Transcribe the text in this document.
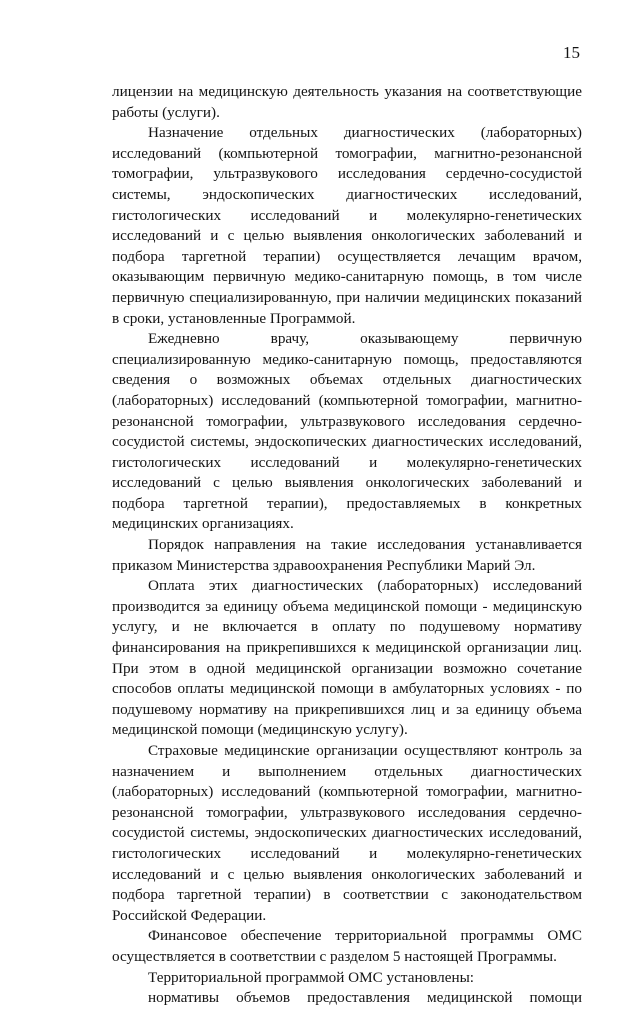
15

лицензии на медицинскую деятельность указания на соответствующие работы (услуги).

Назначение отдельных диагностических (лабораторных) исследований (компьютерной томографии, магнитно-резонансной томографии, ультразвукового исследования сердечно-сосудистой системы, эндоскопических диагностических исследований, гистологических исследований и молекулярно-генетических исследований и с целью выявления онкологических заболеваний и подбора таргетной терапии) осуществляется лечащим врачом, оказывающим первичную медико-санитарную помощь, в том числе первичную специализированную, при наличии медицинских показаний в сроки, установленные Программой.

Ежедневно врачу, оказывающему первичную специализированную медико-санитарную помощь, предоставляются сведения о возможных объемах отдельных диагностических (лабораторных) исследований (компьютерной томографии, магнитно-резонансной томографии, ультразвукового исследования сердечно-сосудистой системы, эндоскопических диагностических исследований, гистологических исследований и молекулярно-генетических исследований с целью выявления онкологических заболеваний и подбора таргетной терапии), предоставляемых в конкретных медицинских организациях.

Порядок направления на такие исследования устанавливается приказом Министерства здравоохранения Республики Марий Эл.

Оплата этих диагностических (лабораторных) исследований производится за единицу объема медицинской помощи - медицинскую услугу, и не включается в оплату по подушевому нормативу финансирования на прикрепившихся к медицинской организации лиц. При этом в одной медицинской организации возможно сочетание способов оплаты медицинской помощи в амбулаторных условиях - по подушевому нормативу на прикрепившихся лиц и за единицу объема медицинской помощи (медицинскую услугу).

Страховые медицинские организации осуществляют контроль за назначением и выполнением отдельных диагностических (лабораторных) исследований (компьютерной томографии, магнитно-резонансной томографии, ультразвукового исследования сердечно-сосудистой системы, эндоскопических диагностических исследований, гистологических исследований и молекулярно-генетических исследований и с целью выявления онкологических заболеваний и подбора таргетной терапии) в соответствии с законодательством Российской Федерации.

Финансовое обеспечение территориальной программы ОМС осуществляется в соответствии с разделом 5 настоящей Программы.

Территориальной программой ОМС установлены:

нормативы объемов предоставления медицинской помощи
